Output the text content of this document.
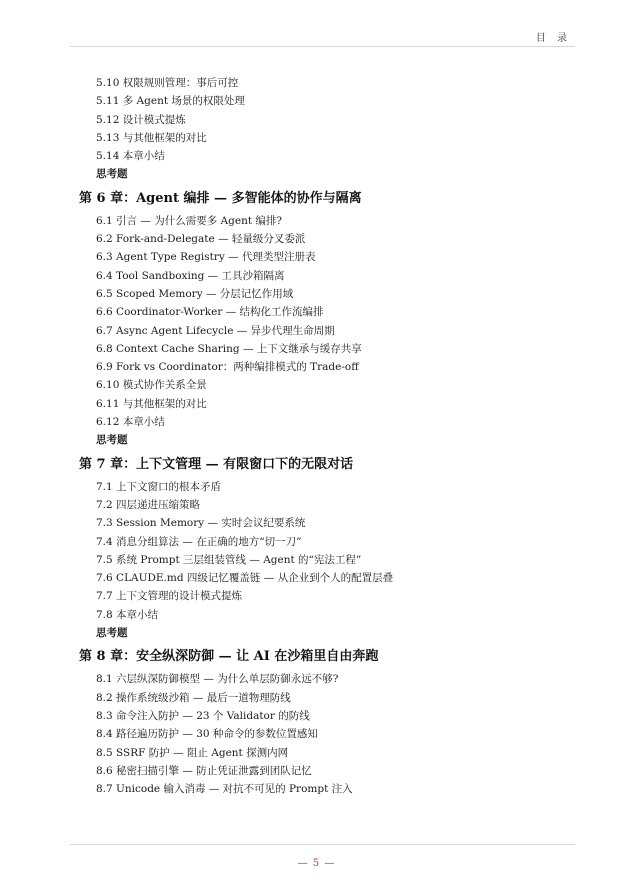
目 录
5.10 权限规则管理：事后可控
5.11 多 Agent 场景的权限处理
5.12 设计模式提炼
5.13 与其他框架的对比
5.14 本章小结
思考题
第 6 章：Agent 编排 — 多智能体的协作与隔离
6.1 引言 — 为什么需要多 Agent 编排?
6.2 Fork-and-Delegate — 轻量级分叉委派
6.3 Agent Type Registry — 代理类型注册表
6.4 Tool Sandboxing — 工具沙箱隔离
6.5 Scoped Memory — 分层记忆作用域
6.6 Coordinator-Worker — 结构化工作流编排
6.7 Async Agent Lifecycle — 异步代理生命周期
6.8 Context Cache Sharing — 上下文继承与缓存共享
6.9 Fork vs Coordinator：两种编排模式的 Trade-off
6.10 模式协作关系全景
6.11 与其他框架的对比
6.12 本章小结
思考题
第 7 章：上下文管理 — 有限窗口下的无限对话
7.1 上下文窗口的根本矛盾
7.2 四层递进压缩策略
7.3 Session Memory — 实时会议纪要系统
7.4 消息分组算法 — 在正确的地方“切一刀”
7.5 系统 Prompt 三层组装管线 — Agent 的“宪法工程”
7.6 CLAUDE.md 四级记忆覆盖链 — 从企业到个人的配置层叠
7.7 上下文管理的设计模式提炼
7.8 本章小结
思考题
第 8 章：安全纵深防御 — 让 AI 在沙箱里自由奔跑
8.1 六层纵深防御模型 — 为什么单层防御永远不够?
8.2 操作系统级沙箱 — 最后一道物理防线
8.3 命令注入防护 — 23 个 Validator 的防线
8.4 路径遍历防护 — 30 种命令的参数位置感知
8.5 SSRF 防护 — 阻止 Agent 探测内网
8.6 秘密扫描引擎 — 防止凭证泄露到团队记忆
8.7 Unicode 输入消毒 — 对抗不可见的 Prompt 注入
— 5 —
